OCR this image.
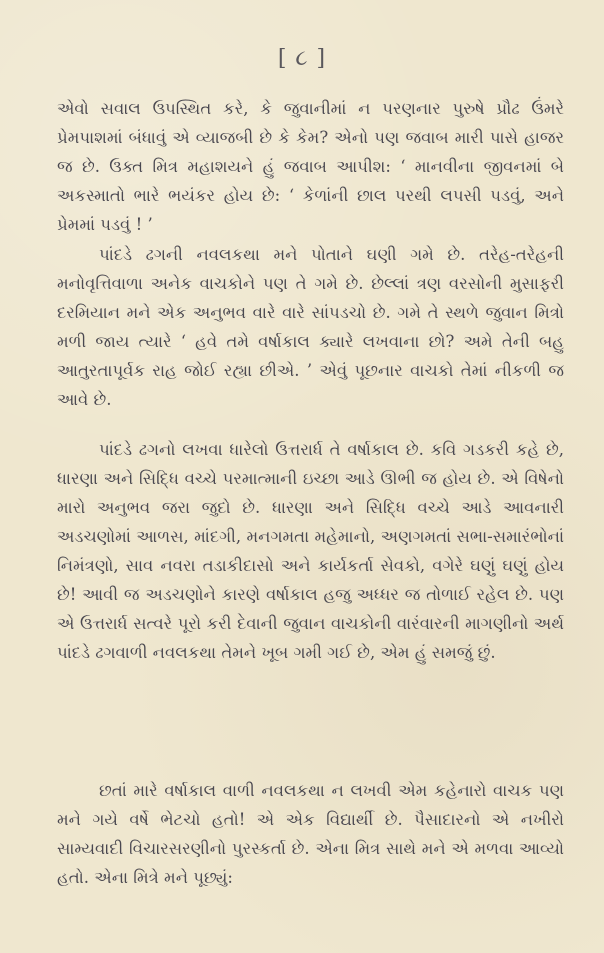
[ ૮ ]

એવો સવાલ ઉપસ્થિત કરે, કે જુવાનીમાં ન પરણનાર પુરુષે પ્રૌઢ ઉંમરે પ્રેમપાશમાં બંધાવું એ વ્યાજબી છે કે કેમ? એનો પણ જવાબ મારી પાસે હાજર જ છે. ઉક્ત મિત્ર મહાશયને હું જવાબ આપીશ: ‘ માનવીના જીવનમાં બે અકસ્માતો ભારે ભયંકર હોય છે: ‘ કેળાંની છાલ પરથી લપસી પડવું, અને પ્રેમમાં પડવું ! ’

પાંદડે ઢગની નવલકથા મને પોતાને ઘણી ગમે છે. તરેહ-તરેહની મનોવૃત્તિવાળા અનેક વાચકોને પણ તે ગમે છે. છેલ્લાં ત્રણ વરસોની મુસાફરી દરમિયાન મને એક અનુભવ વારે વારે સાંપડચો છે. ગમે તે સ્થળે જુવાન મિત્રો મળી જાય ત્યારે ‘ હવે તમે વર્ષાકાલ ક્યારે લખવાના છો? અમે તેની બહુ આતુરતાપૂર્વક રાહ જોઈ રહ્યા છીએ. ’ એવું પૂછનાર વાચકો તેમાં નીકળી જ આવે છે.

પાંદડે ઢગનો લખવા ધારેલો ઉત્તરાર્ધ તે વર્ષાકાલ છે. કવિ ગડકરી કહે છે, ધારણા અને સિદ્ધિ વચ્ચે પરમાત્માની ઇચ્છા આડે ઊભી જ હોય છે. એ વિષેનો મારો અનુભવ જરા જુદો છે. ધારણા અને સિદ્ધિ વચ્ચે આડે આવનારી અડચણોમાં આળસ, માંદગી, મનગમતા મહેમાનો, અણગમતાં સભા-સમારંભોનાં નિમંત્રણો, સાવ નવરા તડાકીદાસો અને કાર્યકર્તા સેવકો, વગેરે ઘણું ઘણું હોય છે! આવી જ અડચણોને કારણે વર્ષાકાલ હજુ અધ્ધર જ તોળાઈ રહેલ છે. પણ એ ઉત્તરાર્ધ સત્વરે પૂરો કરી દેવાની જુવાન વાચકોની વારંવારની માગણીનો અર્થ પાંદડે ઢગવાળી નવલકથા તેમને ખૂબ ગમી ગઈ છે, એમ હું સમજું છું.

છતાં મારે વર્ષાકાલ વાળી નવલકથા ન લખવી એમ કહેનારો વાચક પણ મને ગયે વર્ષે ભેટચો હતો! એ એક વિદ્યાર્થી છે. પૈસાદારનો એ નખીરો સામ્યવાદી વિચારસરણીનો પુરસ્કર્તા છે. એના મિત્ર સાથે મને એ મળવા આવ્યો હતો. એના મિત્રે મને પૂછ્યું:
